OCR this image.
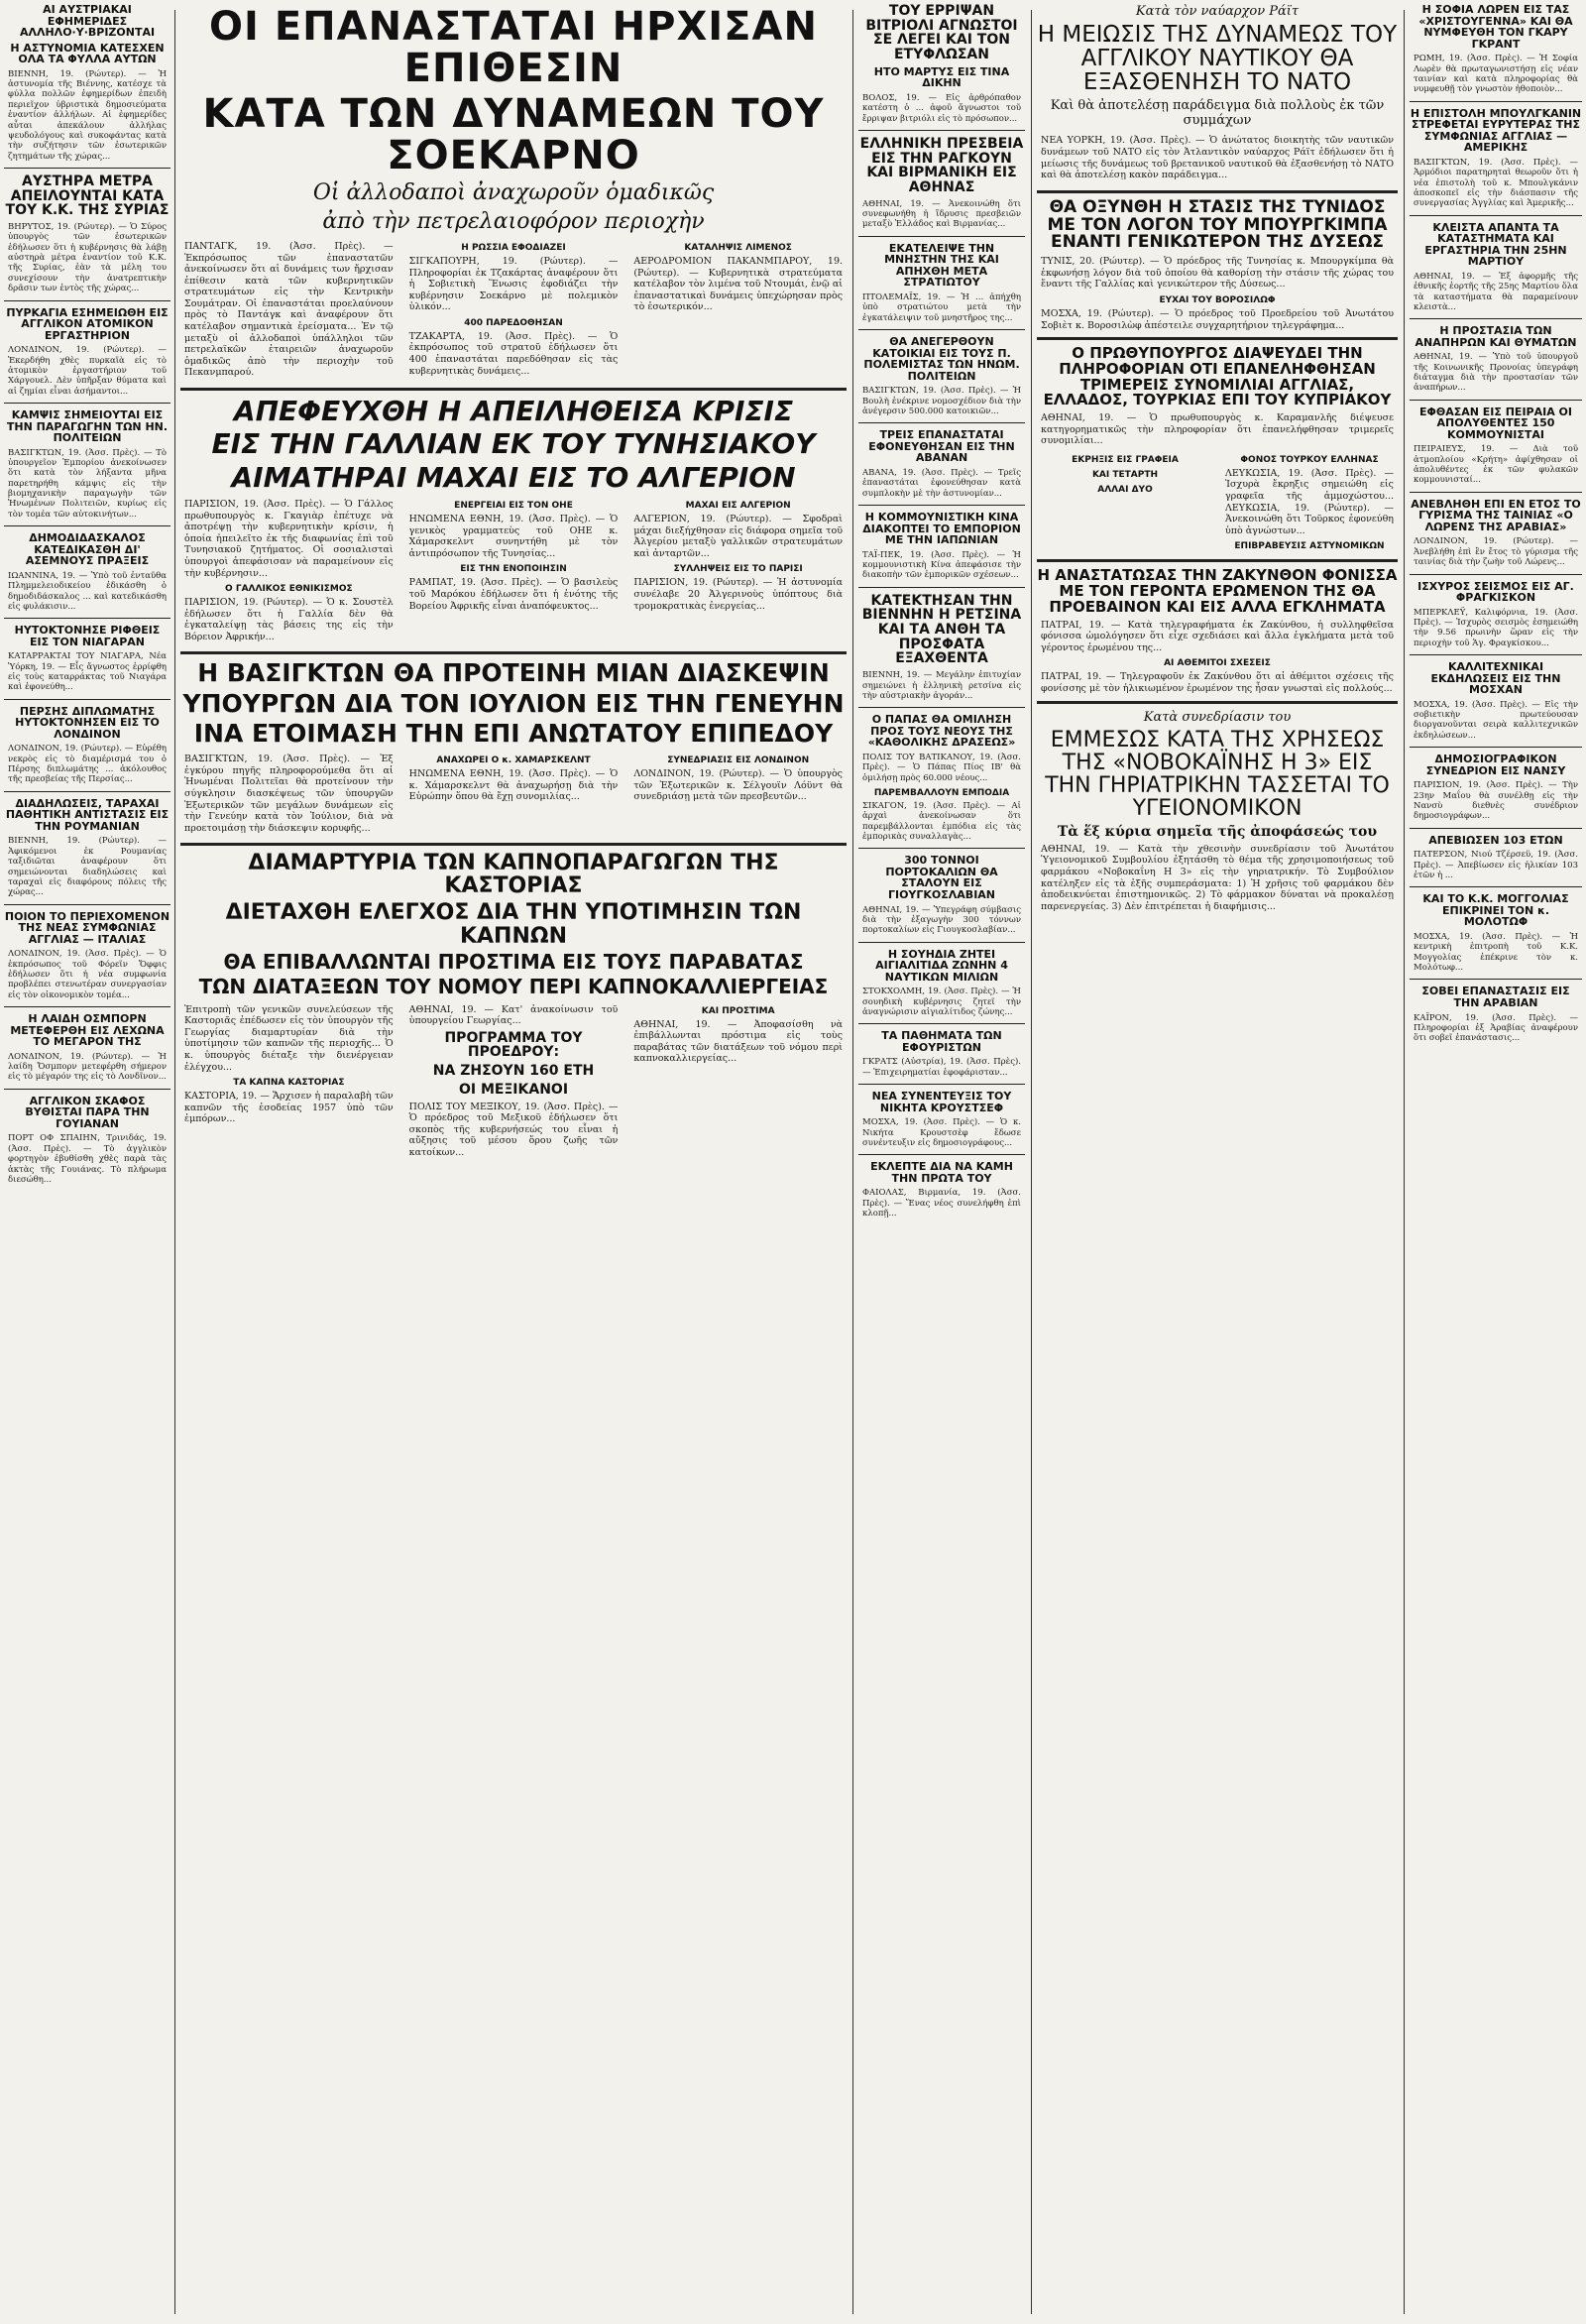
ΑΙ ΑΥΣΤΡΙΑΚΑΙ ΕΦΗΜΕΡΙΔΕΣ ΑΛΛΗΛΟ·Υ·ΒΡΙΖΟΝΤΑΙ
Η ΑΣΤΥΝΟΜΙΑ ΚΑΤΕΣΧΕΝ ΟΛΑ ΤΑ ΦΥΛΛΑ ΑΥΤΩΝ
ΒΙΕΝΝΗ, 19. (Ρώυτερ). — Ἡ ἀστυνομία τῆς Βιέννης, κατέσχε τὰ φύλλα πολλῶν ἐφημερίδων ἐπειδὴ περιεῖχον ὑβριστικὰ δημοσιεύματα ἐναντίον ἀλλήλων. Αἱ ἐφημερίδες αὗται ἀπεκάλουν ἀλλήλας ψευδολόγους καὶ συκοφάντας κατὰ τὴν συζήτησιν τῶν ἐσωτερικῶν ζητημάτων τῆς χώρας...
ΑΥΣΤΗΡΑ ΜΕΤΡΑ ΑΠΕΙΛΟΥΝΤΑΙ ΚΑΤΑ ΤΟΥ Κ.Κ. ΤΗΣ ΣΥΡΙΑΣ
ΒΗΡΥΤΟΣ, 19. (Ρώυτερ). — Ὁ Σύρος ὑπουργὸς τῶν ἐσωτερικῶν ἐδήλωσεν ὅτι ἡ κυβέρνησις θὰ λάβῃ αὐστηρὰ μέτρα ἐναντίον τοῦ Κ.Κ. τῆς Συρίας, ἐὰν τὰ μέλη του συνεχίσουν τὴν ἀνατρεπτικὴν δρᾶσιν των ἐντὸς τῆς χώρας...
ΠΥΡΚΑΓΙΑ ΕΣΗΜΕΙΩΘΗ ΕΙΣ ΑΓΓΛΙΚΟΝ ΑΤΟΜΙΚΟΝ ΕΡΓΑΣΤΗΡΙΟΝ
ΛΟΝΔΙΝΟΝ, 19. (Ρώυτερ). — Ἐκερδήθη χθὲς πυρκαϊὰ εἰς τὸ ἀτομικὸν ἐργαστήριον τοῦ Χάργουελ. Δὲν ὑπῆρξαν θύματα καὶ αἱ ζημίαι εἶναι ἀσήμαντοι...
ΚΑΜΨΙΣ ΣΗΜΕΙΟΥΤΑΙ ΕΙΣ ΤΗΝ ΠΑΡΑΓΩΓΗΝ ΤΩΝ ΗΝ. ΠΟΛΙΤΕΙΩΝ
ΒΑΣΙΓΚΤΩΝ, 19. (Ἀσσ. Πρὲς). — Τὸ ὑπουργεῖον Ἐμπορίου ἀνεκοίνωσεν ὅτι κατὰ τὸν λήξαντα μῆνα παρετηρήθη κάμψις εἰς τὴν βιομηχανικὴν παραγωγὴν τῶν Ἡνωμένων Πολιτειῶν, κυρίως εἰς τὸν τομέα τῶν αὐτοκινήτων...
ΔΗΜΟΔΙΔΑΣΚΑΛΟΣ ΚΑΤΕΔΙΚΑΣΘΗ ΔΙ' ΑΣΕΜΝΟΥΣ ΠΡΑΞΕΙΣ
ΙΩΑΝΝΙΝΑ, 19. — Ὑπὸ τοῦ ἐνταῦθα Πλημμελειοδικείου ἐδικάσθη ὁ δημοδιδάσκαλος ... καὶ κατεδικάσθη εἰς φυλάκισιν...
ΗΥΤΟΚΤΟΝΗΣΕ ΡΙΦΘΕΙΣ ΕΙΣ ΤΟΝ ΝΙΑΓΑΡΑΝ
ΚΑΤΑΡΡΑΚΤΑΙ ΤΟΥ ΝΙΑΓΑΡΑ, Νέα Ὑόρκη, 19. — Εἷς ἄγνωστος ἐρρίφθη εἰς τοὺς καταρράκτας τοῦ Νιαγάρα καὶ ἐφονεύθη...
ΠΕΡΣΗΣ ΔΙΠΛΩΜΑΤΗΣ ΗΥΤΟΚΤΟΝΗΣΕΝ ΕΙΣ ΤΟ ΛΟΝΔΙΝΟΝ
ΛΟΝΔΙΝΟΝ, 19. (Ρώυτερ). — Εὑρέθη νεκρὸς εἰς τὸ διαμέρισμά του ὁ Πέρσης διπλωμάτης ... ἀκόλουθος τῆς πρεσβείας τῆς Περσίας...
ΔΙΑΔΗΛΩΣΕΙΣ, ΤΑΡΑΧΑΙ ΠΑΘΗΤΙΚΗ ΑΝΤΙΣΤΑΣΙΣ ΕΙΣ ΤΗΝ ΡΟΥΜΑΝΙΑΝ
ΒΙΕΝΝΗ, 19. (Ρώυτερ). — Ἀφικόμενοι ἐκ Ρουμανίας ταξιδιῶται ἀναφέρουν ὅτι σημειώνονται διαδηλώσεις καὶ ταραχαὶ εἰς διαφόρους πόλεις τῆς χώρας...
ΠΟΙΟΝ ΤΟ ΠΕΡΙΕΧΟΜΕΝΟΝ ΤΗΣ ΝΕΑΣ ΣΥΜΦΩΝΙΑΣ ΑΓΓΛΙΑΣ — ΙΤΑΛΙΑΣ
ΛΟΝΔΙΝΟΝ, 19. (Ἀσσ. Πρὲς). — Ὁ ἐκπρόσωπος τοῦ Φόρεϊν Ὄφφις ἐδήλωσεν ὅτι ἡ νέα συμφωνία προβλέπει στενωτέραν συνεργασίαν εἰς τὸν οἰκονομικὸν τομέα...
Η ΛΑΙΔΗ ΟΣΜΠΟΡΝ ΜΕΤΕΦΕΡΘΗ ΕΙΣ ΛΕΧΩΝΑ ΤΟ ΜΕΓΑΡΟΝ ΤΗΣ
ΛΟΝΔΙΝΟΝ, 19. (Ρώυτερ). — Ἡ λαίδη Ὄσμπορν μετεφέρθη σήμερον εἰς τὸ μέγαρόν της εἰς τὸ Λονδῖνον...
ΑΓΓΛΙΚΟΝ ΣΚΑΦΟΣ ΒΥΘΙΣΤΑΙ ΠΑΡΑ ΤΗΝ ΓΟΥΙΑΝΑΝ
ΠΟΡΤ ΟΦ ΣΠΑΙΗΝ, Τρινιδάς, 19. (Ἀσσ. Πρὲς). — Τὸ ἀγγλικὸν φορτηγὸν ἐβυθίσθη χθὲς παρὰ τὰς ἀκτὰς τῆς Γουιάνας. Τὸ πλήρωμα διεσώθη...
ΟΙ ΕΠΑΝΑΣΤΑΤΑΙ ΗΡΧΙΣΑΝ ΕΠΙΘΕΣΙΝ
ΚΑΤΑ ΤΩΝ ΔΥΝΑΜΕΩΝ ΤΟΥ ΣΟΕΚΑΡΝΟ
Οἱ ἀλλοδαποὶ ἀναχωροῦν ὁμαδικῶς
ἀπὸ τὴν πετρελαιοφόρον περιοχὴν
ΠΑΝΤΑΓΚ, 19. (Ἀσσ. Πρὲς). — Ἐκπρόσωπος τῶν ἐπαναστατῶν ἀνεκοίνωσεν ὅτι αἱ δυνάμεις των ἤρχισαν ἐπίθεσιν κατὰ τῶν κυβερνητικῶν στρατευμάτων εἰς τὴν Κεντρικὴν Σουμάτραν. Οἱ ἐπαναστάται προελαύνουν πρὸς τὸ Παντάγκ καὶ ἀναφέρουν ὅτι κατέλαβον σημαντικὰ ἐρείσματα... Ἐν τῷ μεταξὺ οἱ ἀλλοδαποὶ ὑπάλληλοι τῶν πετρελαϊκῶν ἑταιρειῶν ἀναχωροῦν ὁμαδικῶς ἀπὸ τὴν περιοχὴν τοῦ Πεκανμπαρού.
Η ΡΩΣΣΙΑ ΕΦΟΔΙΑΖΕΙ
ΣΙΓΚΑΠΟΥΡΗ, 19. (Ρώυτερ). — Πληροφορίαι ἐκ Τζακάρτας ἀναφέρουν ὅτι ἡ Σοβιετικὴ Ἕνωσις ἐφοδιάζει τὴν κυβέρνησιν Σοεκάρνο μὲ πολεμικὸν ὑλικόν...
400 ΠΑΡΕΔΟΘΗΣΑΝ
ΤΖΑΚΑΡΤΑ, 19. (Ἀσσ. Πρὲς). — Ὁ ἐκπρόσωπος τοῦ στρατοῦ ἐδήλωσεν ὅτι 400 ἐπαναστάται παρεδόθησαν εἰς τὰς κυβερνητικὰς δυνάμεις...
ΚΑΤΑΛΗΨΙΣ ΛΙΜΕΝΟΣ
ΑΕΡΟΔΡΟΜΙΟΝ ΠΑΚΑΝΜΠΑΡΟΥ, 19. (Ρώυτερ). — Κυβερνητικὰ στρατεύματα κατέλαβον τὸν λιμένα τοῦ Ντουμάι, ἐνῷ αἱ ἐπαναστατικαὶ δυνάμεις ὑπεχώρησαν πρὸς τὸ ἐσωτερικόν...
ΑΠΕΦΕΥΧΘΗ Η ΑΠΕΙΛΗΘΕΙΣΑ ΚΡΙΣΙΣ
ΕΙΣ ΤΗΝ ΓΑΛΛΙΑΝ ΕΚ ΤΟΥ ΤΥΝΗΣΙΑΚΟΥ
ΑΙΜΑΤΗΡΑΙ ΜΑΧΑΙ ΕΙΣ ΤΟ ΑΛΓΕΡΙΟΝ
ΠΑΡΙΣΙΟΝ, 19. (Ἀσσ. Πρὲς). — Ὁ Γάλλος πρωθυπουργὸς κ. Γκαγιὰρ ἐπέτυχε νὰ ἀποτρέψῃ τὴν κυβερνητικὴν κρίσιν, ἡ ὁποία ἠπειλεῖτο ἐκ τῆς διαφωνίας ἐπὶ τοῦ Τυνησιακοῦ ζητήματος. Οἱ σοσιαλισταὶ ὑπουργοὶ ἀπεφάσισαν νὰ παραμείνουν εἰς τὴν κυβέρνησιν...
Ο ΓΑΛΛΙΚΟΣ ΕΘΝΙΚΙΣΜΟΣ
ΠΑΡΙΣΙΟΝ, 19. (Ρώυτερ). — Ὁ κ. Σουστὲλ ἐδήλωσεν ὅτι ἡ Γαλλία δὲν θὰ ἐγκαταλείψῃ τὰς βάσεις της εἰς τὴν Βόρειον Ἀφρικήν...
ΕΝΕΡΓΕΙΑΙ ΕΙΣ ΤΟΝ ΟΗΕ
ΗΝΩΜΕΝΑ ΕΘΝΗ, 19. (Ἀσσ. Πρὲς). — Ὁ γενικὸς γραμματεὺς τοῦ ΟΗΕ κ. Χάμαρσκελντ συνηντήθη μὲ τὸν ἀντιπρόσωπον τῆς Τυνησίας...
ΕΙΣ ΤΗΝ ΕΝΟΠΟΙΗΣΙΝ
ΡΑΜΠΑΤ, 19. (Ἀσσ. Πρὲς). — Ὁ βασιλεὺς τοῦ Μαρόκου ἐδήλωσεν ὅτι ἡ ἑνότης τῆς Βορείου Ἀφρικῆς εἶναι ἀναπόφευκτος...
ΜΑΧΑΙ ΕΙΣ ΑΛΓΕΡΙΟΝ
ΑΛΓΕΡΙΟΝ, 19. (Ρώυτερ). — Σφοδραὶ μάχαι διεξήχθησαν εἰς διάφορα σημεῖα τοῦ Ἀλγερίου μεταξὺ γαλλικῶν στρατευμάτων καὶ ἀνταρτῶν...
ΣΥΛΛΗΨΕΙΣ ΕΙΣ ΤΟ ΠΑΡΙΣΙ
ΠΑΡΙΣΙΟΝ, 19. (Ρώυτερ). — Ἡ ἀστυνομία συνέλαβε 20 Ἀλγερινοὺς ὑπόπτους διὰ τρομοκρατικὰς ἐνεργείας...
Η ΒΑΣΙΓΚΤΩΝ ΘΑ ΠΡΟΤΕΙΝΗ ΜΙΑΝ ΔΙΑΣΚΕΨΙΝ
ΥΠΟΥΡΓΩΝ ΔΙΑ ΤΟΝ ΙΟΥΛΙΟΝ ΕΙΣ ΤΗΝ ΓΕΝΕΥΗΝ
ΙΝΑ ΕΤΟΙΜΑΣΗ ΤΗΝ ΕΠΙ ΑΝΩΤΑΤΟΥ ΕΠΙΠΕΔΟΥ
ΒΑΣΙΓΚΤΩΝ, 19. (Ἀσσ. Πρὲς). — Ἐξ ἐγκύρου πηγῆς πληροφορούμεθα ὅτι αἱ Ἡνωμέναι Πολιτεῖαι θὰ προτείνουν τὴν σύγκλησιν διασκέψεως τῶν ὑπουργῶν Ἐξωτερικῶν τῶν μεγάλων δυνάμεων εἰς τὴν Γενεύην κατὰ τὸν Ἰούλιον, διὰ νὰ προετοιμάσῃ τὴν διάσκεψιν κορυφῆς...
ΑΝΑΧΩΡΕΙ Ο κ. ΧΑΜΑΡΣΚΕΛΝΤ
ΗΝΩΜΕΝΑ ΕΘΝΗ, 19. (Ἀσσ. Πρὲς). — Ὁ κ. Χάμαρσκελντ θὰ ἀναχωρήσῃ διὰ τὴν Εὐρώπην ὅπου θὰ ἔχῃ συνομιλίας...
ΣΥΝΕΔΡΙΑΣΙΣ ΕΙΣ ΛΟΝΔΙΝΟΝ
ΛΟΝΔΙΝΟΝ, 19. (Ρώυτερ). — Ὁ ὑπουργὸς τῶν Ἐξωτερικῶν κ. Σέλγουϊν Λόϋντ θὰ συνεδριάσῃ μετὰ τῶν πρεσβευτῶν...
ΔΙΑΜΑΡΤΥΡΙΑ ΤΩΝ ΚΑΠΝΟΠΑΡΑΓΩΓΩΝ ΤΗΣ ΚΑΣΤΟΡΙΑΣ
ΔΙΕΤΑΧΘΗ ΕΛΕΓΧΟΣ ΔΙΑ ΤΗΝ ΥΠΟΤΙΜΗΣΙΝ ΤΩΝ ΚΑΠΝΩΝ
ΘΑ ΕΠΙΒΑΛΛΩΝΤΑΙ ΠΡΟΣΤΙΜΑ ΕΙΣ ΤΟΥΣ ΠΑΡΑΒΑΤΑΣ
ΤΩΝ ΔΙΑΤΑΞΕΩΝ ΤΟΥ ΝΟΜΟΥ ΠΕΡΙ ΚΑΠΝΟΚΑΛΛΙΕΡΓΕΙΑΣ
Ἐπιτροπὴ τῶν γενικῶν συνελεύσεων τῆς Καστοριᾶς ἐπέδωσεν εἰς τὸν ὑπουργὸν τῆς Γεωργίας διαμαρτυρίαν διὰ τὴν ὑποτίμησιν τῶν καπνῶν τῆς περιοχῆς... Ὁ κ. ὑπουργὸς διέταξε τὴν διενέργειαν ἐλέγχου...
ΤΑ ΚΑΠΝΑ ΚΑΣΤΟΡΙΑΣ
ΚΑΣΤΟΡΙΑ, 19. — Ἄρχισεν ἡ παραλαβὴ τῶν καπνῶν τῆς ἐσοδείας 1957 ὑπὸ τῶν ἐμπόρων...
ΑΘΗΝΑΙ, 19. — Κατ' ἀνακοίνωσιν τοῦ ὑπουργείου Γεωργίας...
ΠΡΟΓΡΑΜΜΑ ΤΟΥ ΠΡΟΕΔΡΟΥ:
ΝΑ ΖΗΣΟΥΝ 160 ΕΤΗ
ΟΙ ΜΕΞΙΚΑΝΟΙ
ΠΟΛΙΣ ΤΟΥ ΜΕΞΙΚΟΥ, 19. (Ἀσσ. Πρὲς). — Ὁ πρόεδρος τοῦ Μεξικοῦ ἐδήλωσεν ὅτι σκοπὸς τῆς κυβερνήσεώς του εἶναι ἡ αὔξησις τοῦ μέσου ὅρου ζωῆς τῶν κατοίκων...
ΚΑΙ ΠΡΟΣΤΙΜΑ
ΑΘΗΝΑΙ, 19. — Ἀποφασίσθη νὰ ἐπιβάλλωνται πρόστιμα εἰς τοὺς παραβάτας τῶν διατάξεων τοῦ νόμου περὶ καπνοκαλλιεργείας...
ΤΟΥ ΕΡΡΙΨΑΝ ΒΙΤΡΙΟΛΙ ΑΓΝΩΣΤΟΙ ΣΕ ΛΕΓΕΙ ΚΑΙ ΤΟΝ ΕΤΥΦΛΩΣΑΝ
ΗΤΟ ΜΑΡΤΥΣ ΕΙΣ ΤΙΝΑ ΔΙΚΗΝ
ΒΟΛΟΣ, 19. — Εἰς ἀρθρόπαθον κατέστη ὁ ... ἀφοῦ ἄγνωστοι τοῦ ἔρριψαν βιτριόλι εἰς τὸ πρόσωπον...
ΕΛΛΗΝΙΚΗ ΠΡΕΣΒΕΙΑ ΕΙΣ ΤΗΝ ΡΑΓΚΟΥΝ ΚΑΙ ΒΙΡΜΑΝΙΚΗ ΕΙΣ ΑΘΗΝΑΣ
ΑΘΗΝΑΙ, 19. — Ἀνεκοινώθη ὅτι συνεφωνήθη ἡ ἵδρυσις πρεσβειῶν μεταξὺ Ἑλλάδος καὶ Βιρμανίας...
ΕΚΑΤΕΛΕΙΨΕ ΤΗΝ ΜΝΗΣΤΗΝ ΤΗΣ ΚΑΙ ΑΠΗΧΘΗ ΜΕΤΑ ΣΤΡΑΤΙΩΤΟΥ
ΠΤΟΛΕΜΑΪΣ, 19. — Ἡ ... ἀπήχθη ὑπὸ στρατιώτου μετὰ τὴν ἐγκατάλειψιν τοῦ μνηστῆρος της...
ΘΑ ΑΝΕΓΕΡΘΟΥΝ ΚΑΤΟΙΚΙΑΙ ΕΙΣ ΤΟΥΣ Π. ΠΟΛΕΜΙΣΤΑΣ ΤΩΝ ΗΝΩΜ. ΠΟΛΙΤΕΙΩΝ
ΒΑΣΙΓΚΤΩΝ, 19. (Ἀσσ. Πρὲς). — Ἡ Βουλὴ ἐνέκρινε νομοσχέδιον διὰ τὴν ἀνέγερσιν 500.000 κατοικιῶν...
ΤΡΕΙΣ ΕΠΑΝΑΣΤΑΤΑΙ ΕΦΟΝΕΥΘΗΣΑΝ ΕΙΣ ΤΗΝ ΑΒΑΝΑΝ
ΑΒΑΝΑ, 19. (Ἀσσ. Πρὲς). — Τρεῖς ἐπαναστάται ἐφονεύθησαν κατὰ συμπλοκὴν μὲ τὴν ἀστυνομίαν...
Η ΚΟΜΜΟΥΝΙΣΤΙΚΗ ΚΙΝΑ ΔΙΑΚΟΠΤΕΙ ΤΟ ΕΜΠΟΡΙΟΝ ΜΕ ΤΗΝ ΙΑΠΩΝΙΑΝ
ΤΑΪ-ΠΕΚ, 19. (Ἀσσ. Πρὲς). — Ἡ κομμουνιστικὴ Κίνα ἀπεφάσισε τὴν διακοπὴν τῶν ἐμπορικῶν σχέσεων...
ΚΑΤΕΚΤΗΣΑΝ ΤΗΝ ΒΙΕΝΝΗΝ Η ΡΕΤΣΙΝΑ ΚΑΙ ΤΑ ΑΝΘΗ ΤΑ ΠΡΟΣΦΑΤΑ ΕΞΑΧΘΕΝΤΑ
ΒΙΕΝΝΗ, 19. — Μεγάλην ἐπιτυχίαν σημειώνει ἡ ἑλληνικὴ ρετσίνα εἰς τὴν αὐστριακὴν ἀγοράν...
Ο ΠΑΠΑΣ ΘΑ ΟΜΙΛΗΣΗ ΠΡΟΣ ΤΟΥΣ ΝΕΟΥΣ ΤΗΣ «ΚΑΘΟΛΙΚΗΣ ΔΡΑΣΕΩΣ»
ΠΟΛΙΣ ΤΟΥ ΒΑΤΙΚΑΝΟΥ, 19. (Ἀσσ. Πρὲς). — Ὁ Πάπας Πίος ΙΒ' θὰ ὁμιλήσῃ πρὸς 60.000 νέους...
ΠΑΡΕΜΒΑΛΛΟΥΝ ΕΜΠΟΔΙΑ
ΣΙΚΑΓΟΝ, 19. (Ἀσσ. Πρὲς). — Αἱ ἀρχαὶ ἀνεκοίνωσαν ὅτι παρεμβάλλονται ἐμπόδια εἰς τὰς ἐμπορικὰς συναλλαγὰς...
300 ΤΟΝΝΟΙ ΠΟΡΤΟΚΑΛΙΩΝ ΘΑ ΣΤΑΛΟΥΝ ΕΙΣ ΓΙΟΥΓΚΟΣΛΑΒΙΑΝ
ΑΘΗΝΑΙ, 19. — Ὑπεγράφη σύμβασις διὰ τὴν ἐξαγωγὴν 300 τόννων πορτοκαλίων εἰς Γιουγκοσλαβίαν...
Η ΣΟΥΗΔΙΑ ΖΗΤΕΙ ΑΙΓΙΑΛΙΤΙΔΑ ΖΩΝΗΝ 4 ΝΑΥΤΙΚΩΝ ΜΙΛΙΩΝ
ΣΤΟΚΧΟΛΜΗ, 19. (Ἀσσ. Πρὲς). — Ἡ σουηδικὴ κυβέρνησις ζητεῖ τὴν ἀναγνώρισιν αἰγιαλίτιδος ζώνης...
ΤΑ ΠΑΘΗΜΑΤΑ ΤΩΝ ΕΦΟΥΡΙΣΤΩΝ
ΓΚΡΑΤΣ (Αὐστρία), 19. (Ἀσσ. Πρὲς). — Ἐπιχειρηματίαι ἐφοφάρισταν...
ΝΕΑ ΣΥΝΕΝΤΕΥΞΙΣ ΤΟΥ ΝΙΚΗΤΑ ΚΡΟΥΣΤΣΕΦ
ΜΟΣΧΑ, 19. (Ἀσσ. Πρὲς). — Ὁ κ. Νικήτα Κρουστσὲφ ἔδωσε συνέντευξιν εἰς δημοσιογράφους...
ΕΚΛΕΠΤΕ ΔΙΑ ΝΑ ΚΑΜΗ ΤΗΝ ΠΡΩΤΑ ΤΟΥ
ΦΑΙΟΛΑΣ, Βιρμανία, 19. (Ἀσσ. Πρὲς). — Ἕνας νέος συνελήφθη ἐπὶ κλοπῇ...
Κατὰ τὸν ναύαρχον Ράϊτ
Η ΜΕΙΩΣΙΣ ΤΗΣ ΔΥΝΑΜΕΩΣ ΤΟΥ ΑΓΓΛΙΚΟΥ ΝΑΥΤΙΚΟΥ ΘΑ ΕΞΑΣΘΕΝΗΣΗ ΤΟ ΝΑΤΟ
Καὶ θὰ ἀποτελέσῃ παράδειγμα διὰ πολλοὺς ἐκ τῶν συμμάχων
ΝΕΑ ΥΟΡΚΗ, 19. (Ἀσσ. Πρὲς). — Ὁ ἀνώτατος διοικητὴς τῶν ναυτικῶν δυνάμεων τοῦ ΝΑΤΟ εἰς τὸν Ἀτλαντικὸν ναύαρχος Ράϊτ ἐδήλωσεν ὅτι ἡ μείωσις τῆς δυνάμεως τοῦ βρετανικοῦ ναυτικοῦ θὰ ἐξασθενήσῃ τὸ ΝΑΤΟ καὶ θὰ ἀποτελέσῃ κακὸν παράδειγμα...
ΘΑ ΟΞΥΝΘΗ Η ΣΤΑΣΙΣ ΤΗΣ ΤΥΝΙΔΟΣ ΜΕ ΤΟΝ ΛΟΓΟΝ ΤΟΥ ΜΠΟΥΡΓΚΙΜΠΑ ΕΝΑΝΤΙ ΓΕΝΙΚΩΤΕΡΟΝ ΤΗΣ ΔΥΣΕΩΣ
ΤΥΝΙΣ, 20. (Ρώυτερ). — Ὁ πρόεδρος τῆς Τυνησίας κ. Μπουργκίμπα θὰ ἐκφωνήσῃ λόγον διὰ τοῦ ὁποίου θὰ καθορίσῃ τὴν στάσιν τῆς χώρας του ἔναντι τῆς Γαλλίας καὶ γενικώτερον τῆς Δύσεως...
ΕΥΧΑΙ ΤΟΥ ΒΟΡΟΣΙΛΩΦ
ΜΟΣΧΑ, 19. (Ρώυτερ). — Ὁ πρόεδρος τοῦ Προεδρείου τοῦ Ἀνωτάτου Σοβιὲτ κ. Βοροσιλὼφ ἀπέστειλε συγχαρητήριον τηλεγράφημα...
Ο ΠΡΩΘΥΠΟΥΡΓΟΣ ΔΙΑΨΕΥΔΕΙ ΤΗΝ ΠΛΗΡΟΦΟΡΙΑΝ ΟΤΙ ΕΠΑΝΕΛΗΦΘΗΣΑΝ ΤΡΙΜΕΡΕΙΣ ΣΥΝΟΜΙΛΙΑΙ ΑΓΓΛΙΑΣ, ΕΛΛΑΔΟΣ, ΤΟΥΡΚΙΑΣ ΕΠΙ ΤΟΥ ΚΥΠΡΙΑΚΟΥ
ΑΘΗΝΑΙ, 19. — Ὁ πρωθυπουργὸς κ. Καραμανλῆς διέψευσε κατηγορηματικῶς τὴν πληροφορίαν ὅτι ἐπανελήφθησαν τριμερεῖς συνομιλίαι...
ΕΚΡΗΞΙΣ ΕΙΣ ΓΡΑΦΕΙΑ
ΚΑΙ ΤΕΤΑΡΤΗ
ΑΛΛΑΙ ΔΥΟ
ΦΟΝΟΣ ΤΟΥΡΚΟΥ ΕΛΛΗΝΑΣ
ΛΕΥΚΩΣΙΑ, 19. (Ἀσσ. Πρὲς). — Ἰσχυρὰ ἔκρηξις σημειώθη εἰς γραφεῖα τῆς ἀμμοχώστου... ΛΕΥΚΩΣΙΑ, 19. (Ρώυτερ). — Ἀνεκοινώθη ὅτι Τοῦρκος ἐφονεύθη ὑπὸ ἀγνώστων...
ΕΠΙΒΡΑΒΕΥΣΙΣ ΑΣΤΥΝΟΜΙΚΩΝ
Η ΑΝΑΣΤΑΤΩΣΑΣ ΤΗΝ ΖΑΚΥΝΘΟΝ ΦΟΝΙΣΣΑ ΜΕ ΤΟΝ ΓΕΡΟΝΤΑ ΕΡΩΜΕΝΟΝ ΤΗΣ ΘΑ ΠΡΟΕΒΑΙΝΟΝ ΚΑΙ ΕΙΣ ΑΛΛΑ ΕΓΚΛΗΜΑΤΑ
ΠΑΤΡΑΙ, 19. — Κατὰ τηλεγραφήματα ἐκ Ζακύνθου, ἡ συλληφθεῖσα φόνισσα ὡμολόγησεν ὅτι εἶχε σχεδιάσει καὶ ἄλλα ἐγκλήματα μετὰ τοῦ γέροντος ἐρωμένου της...
ΑΙ ΑΘΕΜΙΤΟΙ ΣΧΕΣΕΙΣ
ΠΑΤΡΑΙ, 19. — Τηλεγραφοῦν ἐκ Ζακύνθου ὅτι αἱ ἀθέμιτοι σχέσεις τῆς φονίσσης μὲ τὸν ἡλικιωμένον ἐρωμένον της ἦσαν γνωσταὶ εἰς πολλούς...
Κατὰ συνεδρίασιν του
ΕΜΜΕΣΩΣ ΚΑΤΑ ΤΗΣ ΧΡΗΣΕΩΣ ΤΗΣ «ΝΟΒΟΚΑΪΝΗΣ Η 3» ΕΙΣ ΤΗΝ ΓΗΡΙΑΤΡΙΚΗΝ ΤΑΣΣΕΤΑΙ ΤΟ ΥΓΕΙΟΝΟΜΙΚΟΝ
Τὰ ἕξ κύρια σημεῖα τῆς ἀποφάσεώς του
ΑΘΗΝΑΙ, 19. — Κατὰ τὴν χθεσινὴν συνεδρίασιν τοῦ Ἀνωτάτου Ὑγειονομικοῦ Συμβουλίου ἐξητάσθη τὸ θέμα τῆς χρησιμοποιήσεως τοῦ φαρμάκου «Νοβοκαΐνη Η 3» εἰς τὴν γηριατρικήν. Τὸ Συμβούλιον κατέληξεν εἰς τὰ ἑξῆς συμπεράσματα: 1) Ἡ χρῆσις τοῦ φαρμάκου δὲν ἀποδεικνύεται ἐπιστημονικῶς. 2) Τὸ φάρμακον δύναται νὰ προκαλέσῃ παρενεργείας. 3) Δὲν ἐπιτρέπεται ἡ διαφήμισις...
Η ΣΟΦΙΑ ΛΩΡΕΝ ΕΙΣ ΤΑΣ «ΧΡΙΣΤΟΥΓΕΝΝΑ» ΚΑΙ ΘΑ ΝΥΜΦΕΥΘΗ ΤΟΝ ΓΚΑΡΥ ΓΚΡΑΝΤ
ΡΩΜΗ, 19. (Ἀσσ. Πρὲς). — Ἡ Σοφία Λωρὲν θὰ πρωταγωνιστήσῃ εἰς νέαν ταινίαν καὶ κατὰ πληροφορίας θὰ νυμφευθῇ τὸν γνωστὸν ἠθοποιὸν...
Η ΕΠΙΣΤΟΛΗ ΜΠΟΥΛΓΚΑΝΙΝ ΣΤΡΕΦΕΤΑΙ ΕΥΡΥΤΕΡΑΣ ΤΗΣ ΣΥΜΦΩΝΙΑΣ ΑΓΓΛΙΑΣ — ΑΜΕΡΙΚΗΣ
ΒΑΣΙΓΚΤΩΝ, 19. (Ἀσσ. Πρὲς). — Ἀρμόδιοι παρατηρηταὶ θεωροῦν ὅτι ἡ νέα ἐπιστολὴ τοῦ κ. Μπουλγκάνιν ἀποσκοπεῖ εἰς τὴν διάσπασιν τῆς συνεργασίας Ἀγγλίας καὶ Ἀμερικῆς...
ΚΛΕΙΣΤΑ ΑΠΑΝΤΑ ΤΑ ΚΑΤΑΣΤΗΜΑΤΑ ΚΑΙ ΕΡΓΑΣΤΗΡΙΑ ΤΗΝ 25ΗΝ ΜΑΡΤΙΟΥ
ΑΘΗΝΑΙ, 19. — Ἐξ ἀφορμῆς τῆς ἐθνικῆς ἑορτῆς τῆς 25ης Μαρτίου ὅλα τὰ καταστήματα θὰ παραμείνουν κλειστὰ...
Η ΠΡΟΣΤΑΣΙΑ ΤΩΝ ΑΝΑΠΗΡΩΝ ΚΑΙ ΘΥΜΑΤΩΝ
ΑΘΗΝΑΙ, 19. — Ὑπὸ τοῦ ὑπουργοῦ τῆς Κοινωνικῆς Προνοίας ὑπεγράφη διάταγμα διὰ τὴν προστασίαν τῶν ἀναπήρων...
ΕΦΘΑΣΑΝ ΕΙΣ ΠΕΙΡΑΙΑ ΟΙ ΑΠΟΛΥΘΕΝΤΕΣ 150 ΚΟΜΜΟΥΝΙΣΤΑΙ
ΠΕΙΡΑΙΕΥΣ, 19. — Διὰ τοῦ ἀτμοπλοίου «Κρήτη» ἀφίχθησαν οἱ ἀπολυθέντες ἐκ τῶν φυλακῶν κομμουνισταί...
ΑΝΕΒΛΗΘΗ ΕΠΙ ΕΝ ΕΤΟΣ ΤΟ ΓΥΡΙΣΜΑ ΤΗΣ ΤΑΙΝΙΑΣ «Ο ΛΩΡΕΝΣ ΤΗΣ ΑΡΑΒΙΑΣ»
ΛΟΝΔΙΝΟΝ, 19. (Ρώυτερ). — Ἀνεβλήθη ἐπὶ ἓν ἔτος τὸ γύρισμα τῆς ταινίας διὰ τὴν ζωὴν τοῦ Λώρενς...
ΙΣΧΥΡΟΣ ΣΕΙΣΜΟΣ ΕΙΣ ΑΓ. ΦΡΑΓΚΙΣΚΟΝ
ΜΠΕΡΚΛΕΫ, Καλιφόρνια, 19. (Ἀσσ. Πρὲς). — Ἰσχυρὸς σεισμὸς ἐσημειώθη τὴν 9.56 πρωινὴν ὥραν εἰς τὴν περιοχὴν τοῦ Ἁγ. Φραγκίσκου...
ΚΑΛΛΙΤΕΧΝΙΚΑΙ ΕΚΔΗΛΩΣΕΙΣ ΕΙΣ ΤΗΝ ΜΟΣΧΑΝ
ΜΟΣΧΑ, 19. (Ἀσσ. Πρὲς). — Εἰς τὴν σοβιετικὴν πρωτεύουσαν διοργανοῦνται σειρὰ καλλιτεχνικῶν ἐκδηλώσεων...
ΔΗΜΟΣΙΟΓΡΑΦΙΚΟΝ ΣΥΝΕΔΡΙΟΝ ΕΙΣ ΝΑΝΣΥ
ΠΑΡΙΣΙΟΝ, 19. (Ἀσσ. Πρὲς). — Τὴν 23ην Μαΐου θὰ συνέλθῃ εἰς τὴν Νανσὺ διεθνὲς συνέδριον δημοσιογράφων...
ΑΠΕΒΙΩΣΕΝ 103 ΕΤΩΝ
ΠΑΤΕΡΣΟΝ, Νιού Τζέρσεϋ, 19. (Ἀσσ. Πρὲς). — Ἀπεβίωσεν εἰς ἡλικίαν 103 ἐτῶν ἡ ...
ΚΑΙ ΤΟ Κ.Κ. ΜΟΓΓΟΛΙΑΣ ΕΠΙΚΡΙΝΕΙ ΤΟΝ κ. ΜΟΛΟΤΩΦ
ΜΟΣΧΑ, 19. (Ἀσσ. Πρὲς). — Ἡ κεντρικὴ ἐπιτροπὴ τοῦ Κ.Κ. Μογγολίας ἐπέκρινε τὸν κ. Μολότωφ...
ΣΟΒΕΙ ΕΠΑΝΑΣΤΑΣΙΣ ΕΙΣ ΤΗΝ ΑΡΑΒΙΑΝ
ΚΑΪΡΟΝ, 19. (Ἀσσ. Πρὲς). — Πληροφορίαι ἐξ Ἀραβίας ἀναφέρουν ὅτι σοβεῖ ἐπανάστασις...
